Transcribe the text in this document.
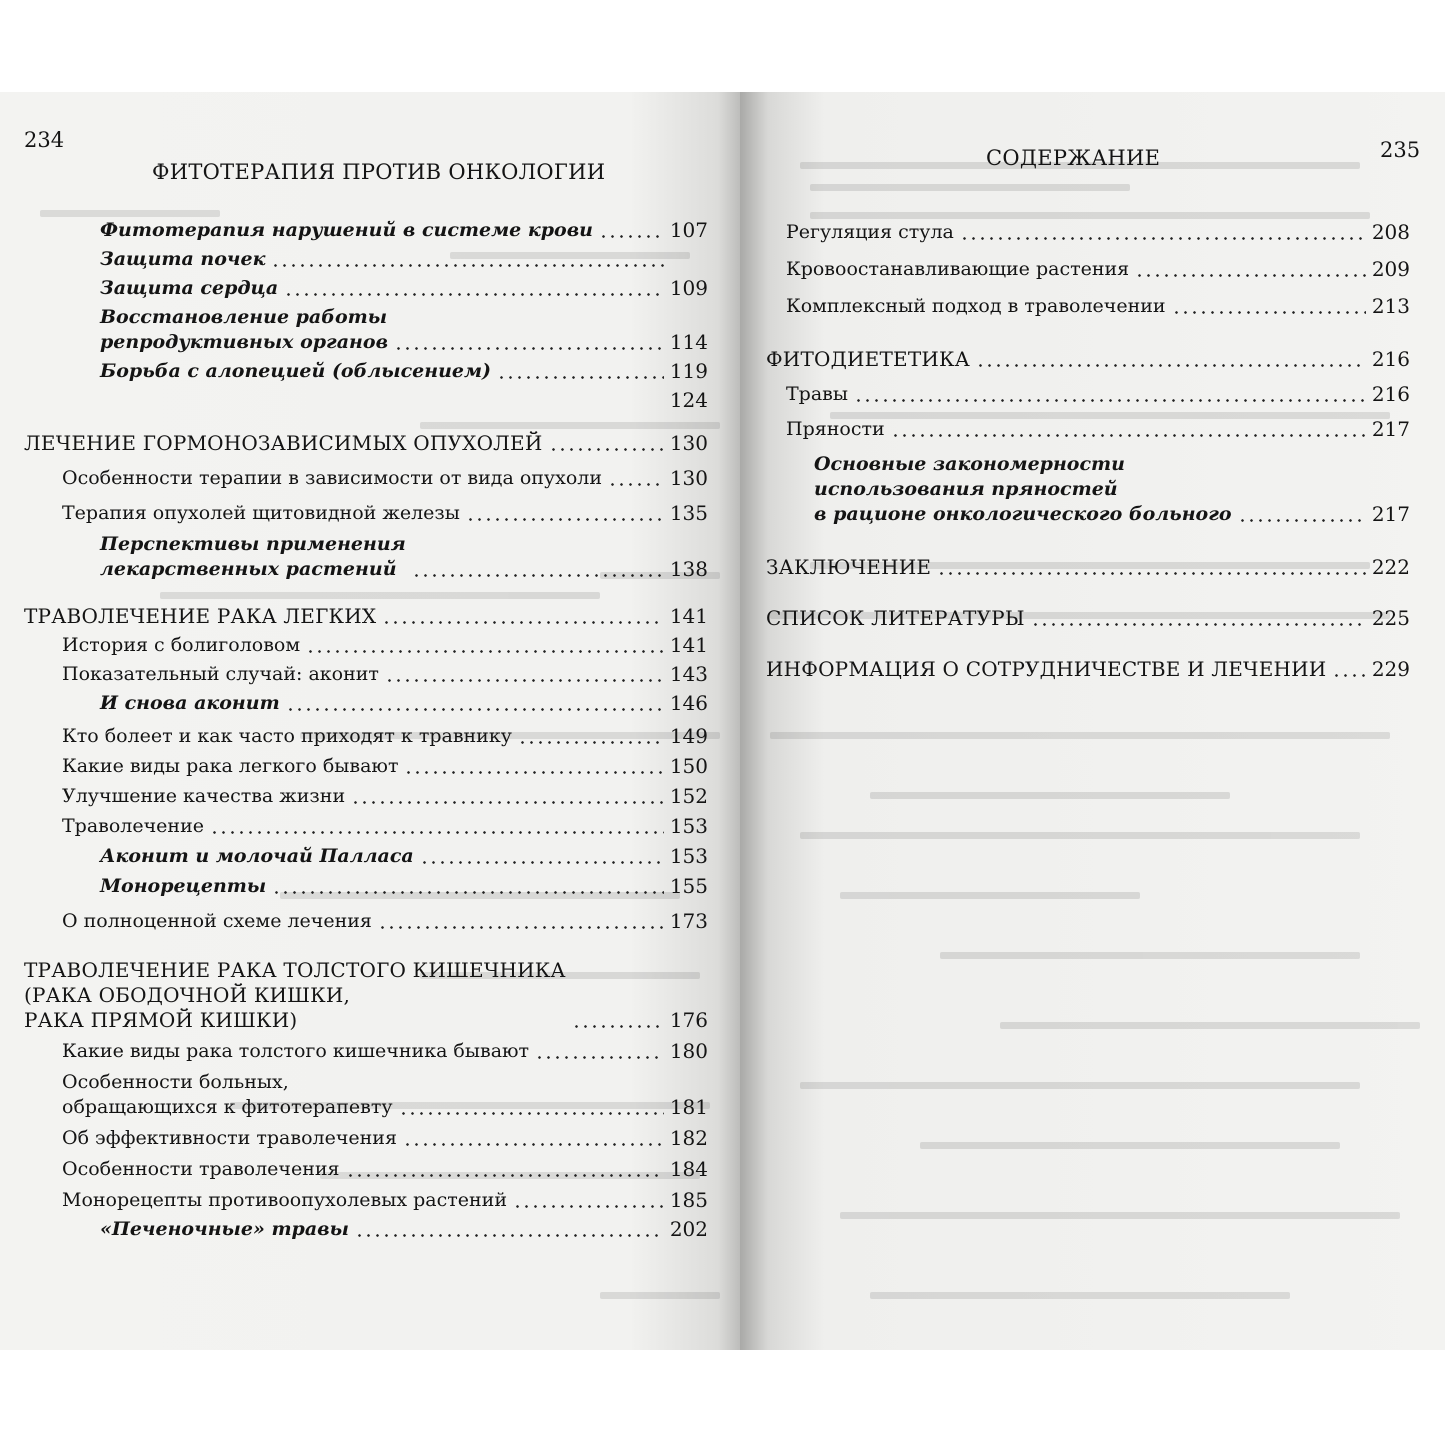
234
ФИТОТЕРАПИЯ ПРОТИВ ОНКОЛОГИИ
Фитотерапия нарушений в системе крови	107
Защита почек
Защита сердца	109
Восстановление работы
репродуктивных органов	114
Борьба с алопецией (облысением)	119
124
ЛЕЧЕНИЕ ГОРМОНОЗАВИСИМЫХ ОПУХОЛЕЙ	130
Особенности терапии в зависимости от вида опухоли	130
Терапия опухолей щитовидной железы	135
Перспективы применения
лекарственных растений	138
ТРАВОЛЕЧЕНИЕ РАКА ЛЕГКИХ	141
История с болиголовом	141
Показательный случай: аконит	143
И снова аконит	146
Кто болеет и как часто приходят к травнику	149
Какие виды рака легкого бывают	150
Улучшение качества жизни	152
Траволечение	153
Аконит и молочай Палласа	153
Монорецепты	155
О полноценной схеме лечения	173
ТРАВОЛЕЧЕНИЕ РАКА ТОЛСТОГО КИШЕЧНИКА
(РАКА ОБОДОЧНОЙ КИШКИ,
РАКА ПРЯМОЙ КИШКИ)	176
Какие виды рака толстого кишечника бывают	180
Особенности больных,
обращающихся к фитотерапевту	181
Об эффективности траволечения	182
Особенности траволечения	184
Монорецепты противоопухолевых растений	185
«Печеночные» травы	202
СОДЕРЖАНИЕ	235
Регуляция стула	208
Кровоостанавливающие растения	209
Комплексный подход в траволечении	213
ФИТОДИЕТЕТИКА	216
Травы	216
Пряности	217
Основные закономерности
использования пряностей
в рационе онкологического больного	217
ЗАКЛЮЧЕНИЕ	222
СПИСОК ЛИТЕРАТУРЫ	225
ИНФОРМАЦИЯ О СОТРУДНИЧЕСТВЕ И ЛЕЧЕНИИ 229
